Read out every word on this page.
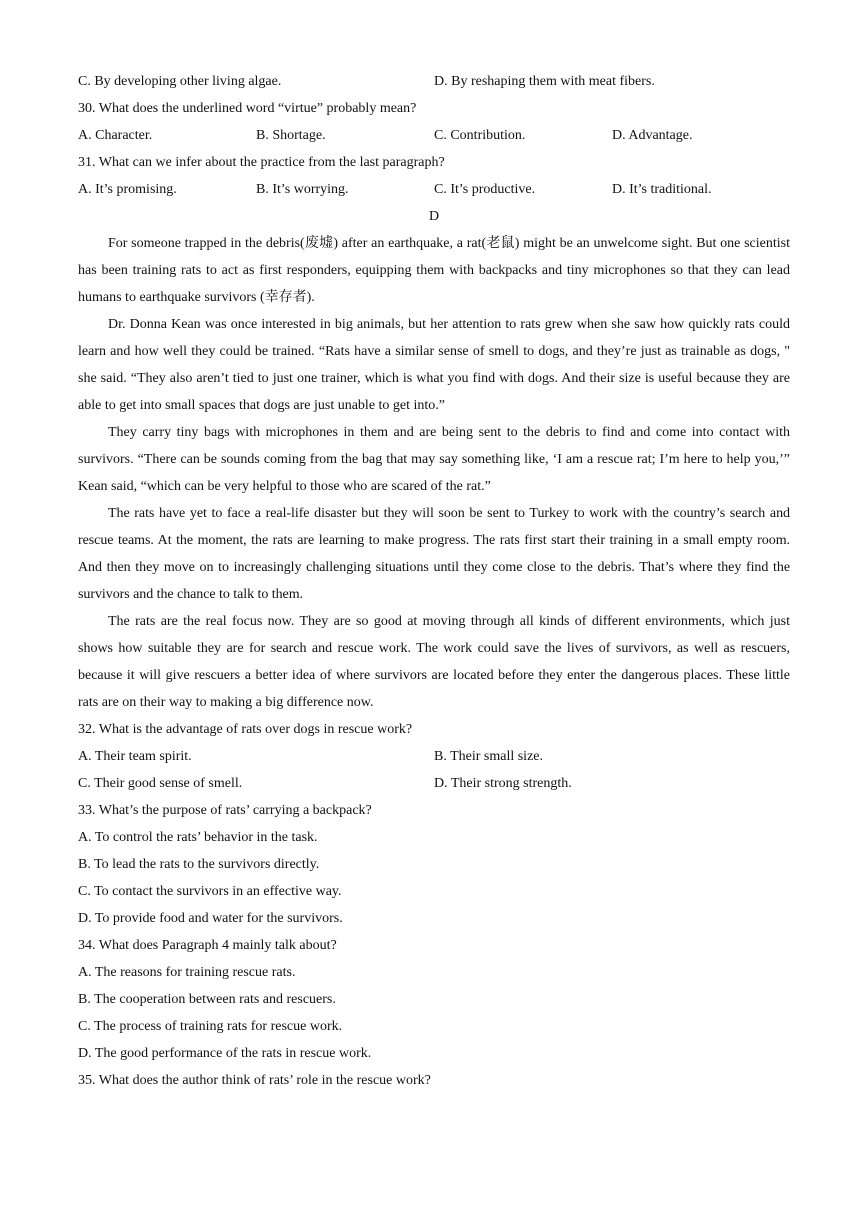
C. By developing other living algae.	D. By reshaping them with meat fibers.
30. What does the underlined word “virtue” probably mean?
A. Character.	B. Shortage.	C. Contribution.	D. Advantage.
31. What can we infer about the practice from the last paragraph?
A. It’s promising.	B. It’s worrying.	C. It’s productive.	D. It’s traditional.
D

For someone trapped in the debris(废墟) after an earthquake, a rat(老鼠) might be an unwelcome sight. But one scientist has been training rats to act as first responders, equipping them with backpacks and tiny microphones so that they can lead humans to earthquake survivors (幸存者).

Dr. Donna Kean was once interested in big animals, but her attention to rats grew when she saw how quickly rats could learn and how well they could be trained. “Rats have a similar sense of smell to dogs, and they’re just as trainable as dogs, " she said. “They also aren’t tied to just one trainer, which is what you find with dogs. And their size is useful because they are able to get into small spaces that dogs are just unable to get into.”

They carry tiny bags with microphones in them and are being sent to the debris to find and come into contact with survivors. “There can be sounds coming from the bag that may say something like, ‘I am a rescue rat; I’m here to help you,’” Kean said, “which can be very helpful to those who are scared of the rat.”

The rats have yet to face a real-life disaster but they will soon be sent to Turkey to work with the country’s search and rescue teams. At the moment, the rats are learning to make progress. The rats first start their training in a small empty room. And then they move on to increasingly challenging situations until they come close to the debris. That’s where they find the survivors and the chance to talk to them.

The rats are the real focus now. They are so good at moving through all kinds of different environments, which just shows how suitable they are for search and rescue work. The work could save the lives of survivors, as well as rescuers, because it will give rescuers a better idea of where survivors are located before they enter the dangerous places. These little rats are on their way to making a big difference now.

32. What is the advantage of rats over dogs in rescue work?
A. Their team spirit.	B. Their small size.
C. Their good sense of smell.	D. Their strong strength.
33. What’s the purpose of rats’ carrying a backpack?
A. To control the rats’ behavior in the task.
B. To lead the rats to the survivors directly.
C. To contact the survivors in an effective way.
D. To provide food and water for the survivors.
34. What does Paragraph 4 mainly talk about?
A. The reasons for training rescue rats.
B. The cooperation between rats and rescuers.
C. The process of training rats for rescue work.
D. The good performance of the rats in rescue work.
35. What does the author think of rats’ role in the rescue work?
